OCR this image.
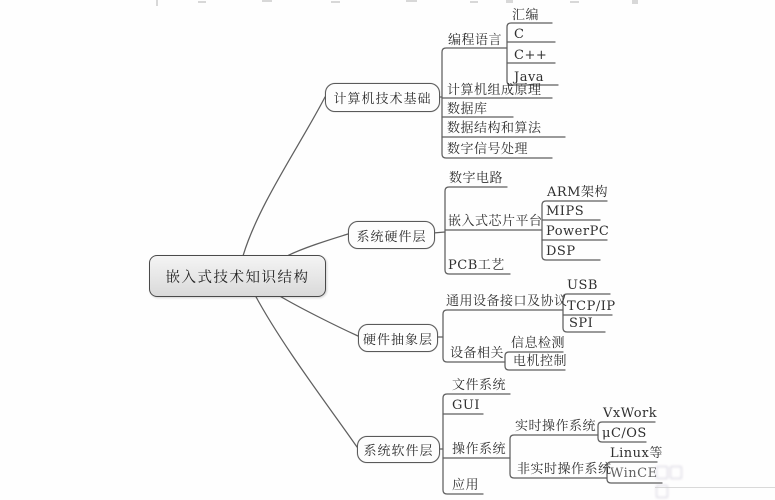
嵌入式技术知识结构
计算机技术基础
系统硬件层
硬件抽象层
系统软件层
编程语言
汇编
C
C++
Java
计算机组成原理
数据库
数据结构和算法
数字信号处理
数字电路
嵌入式芯片平台
ARM架构
MIPS
PowerPC
DSP
PCB工艺
通用设备接口及协议
USB
TCP/IP
SPI
设备相关
信息检测
电机控制
文件系统
GUI
操作系统
实时操作系统
VxWork
μC/OS
非实时操作系统
Linux等
WinCE
应用
